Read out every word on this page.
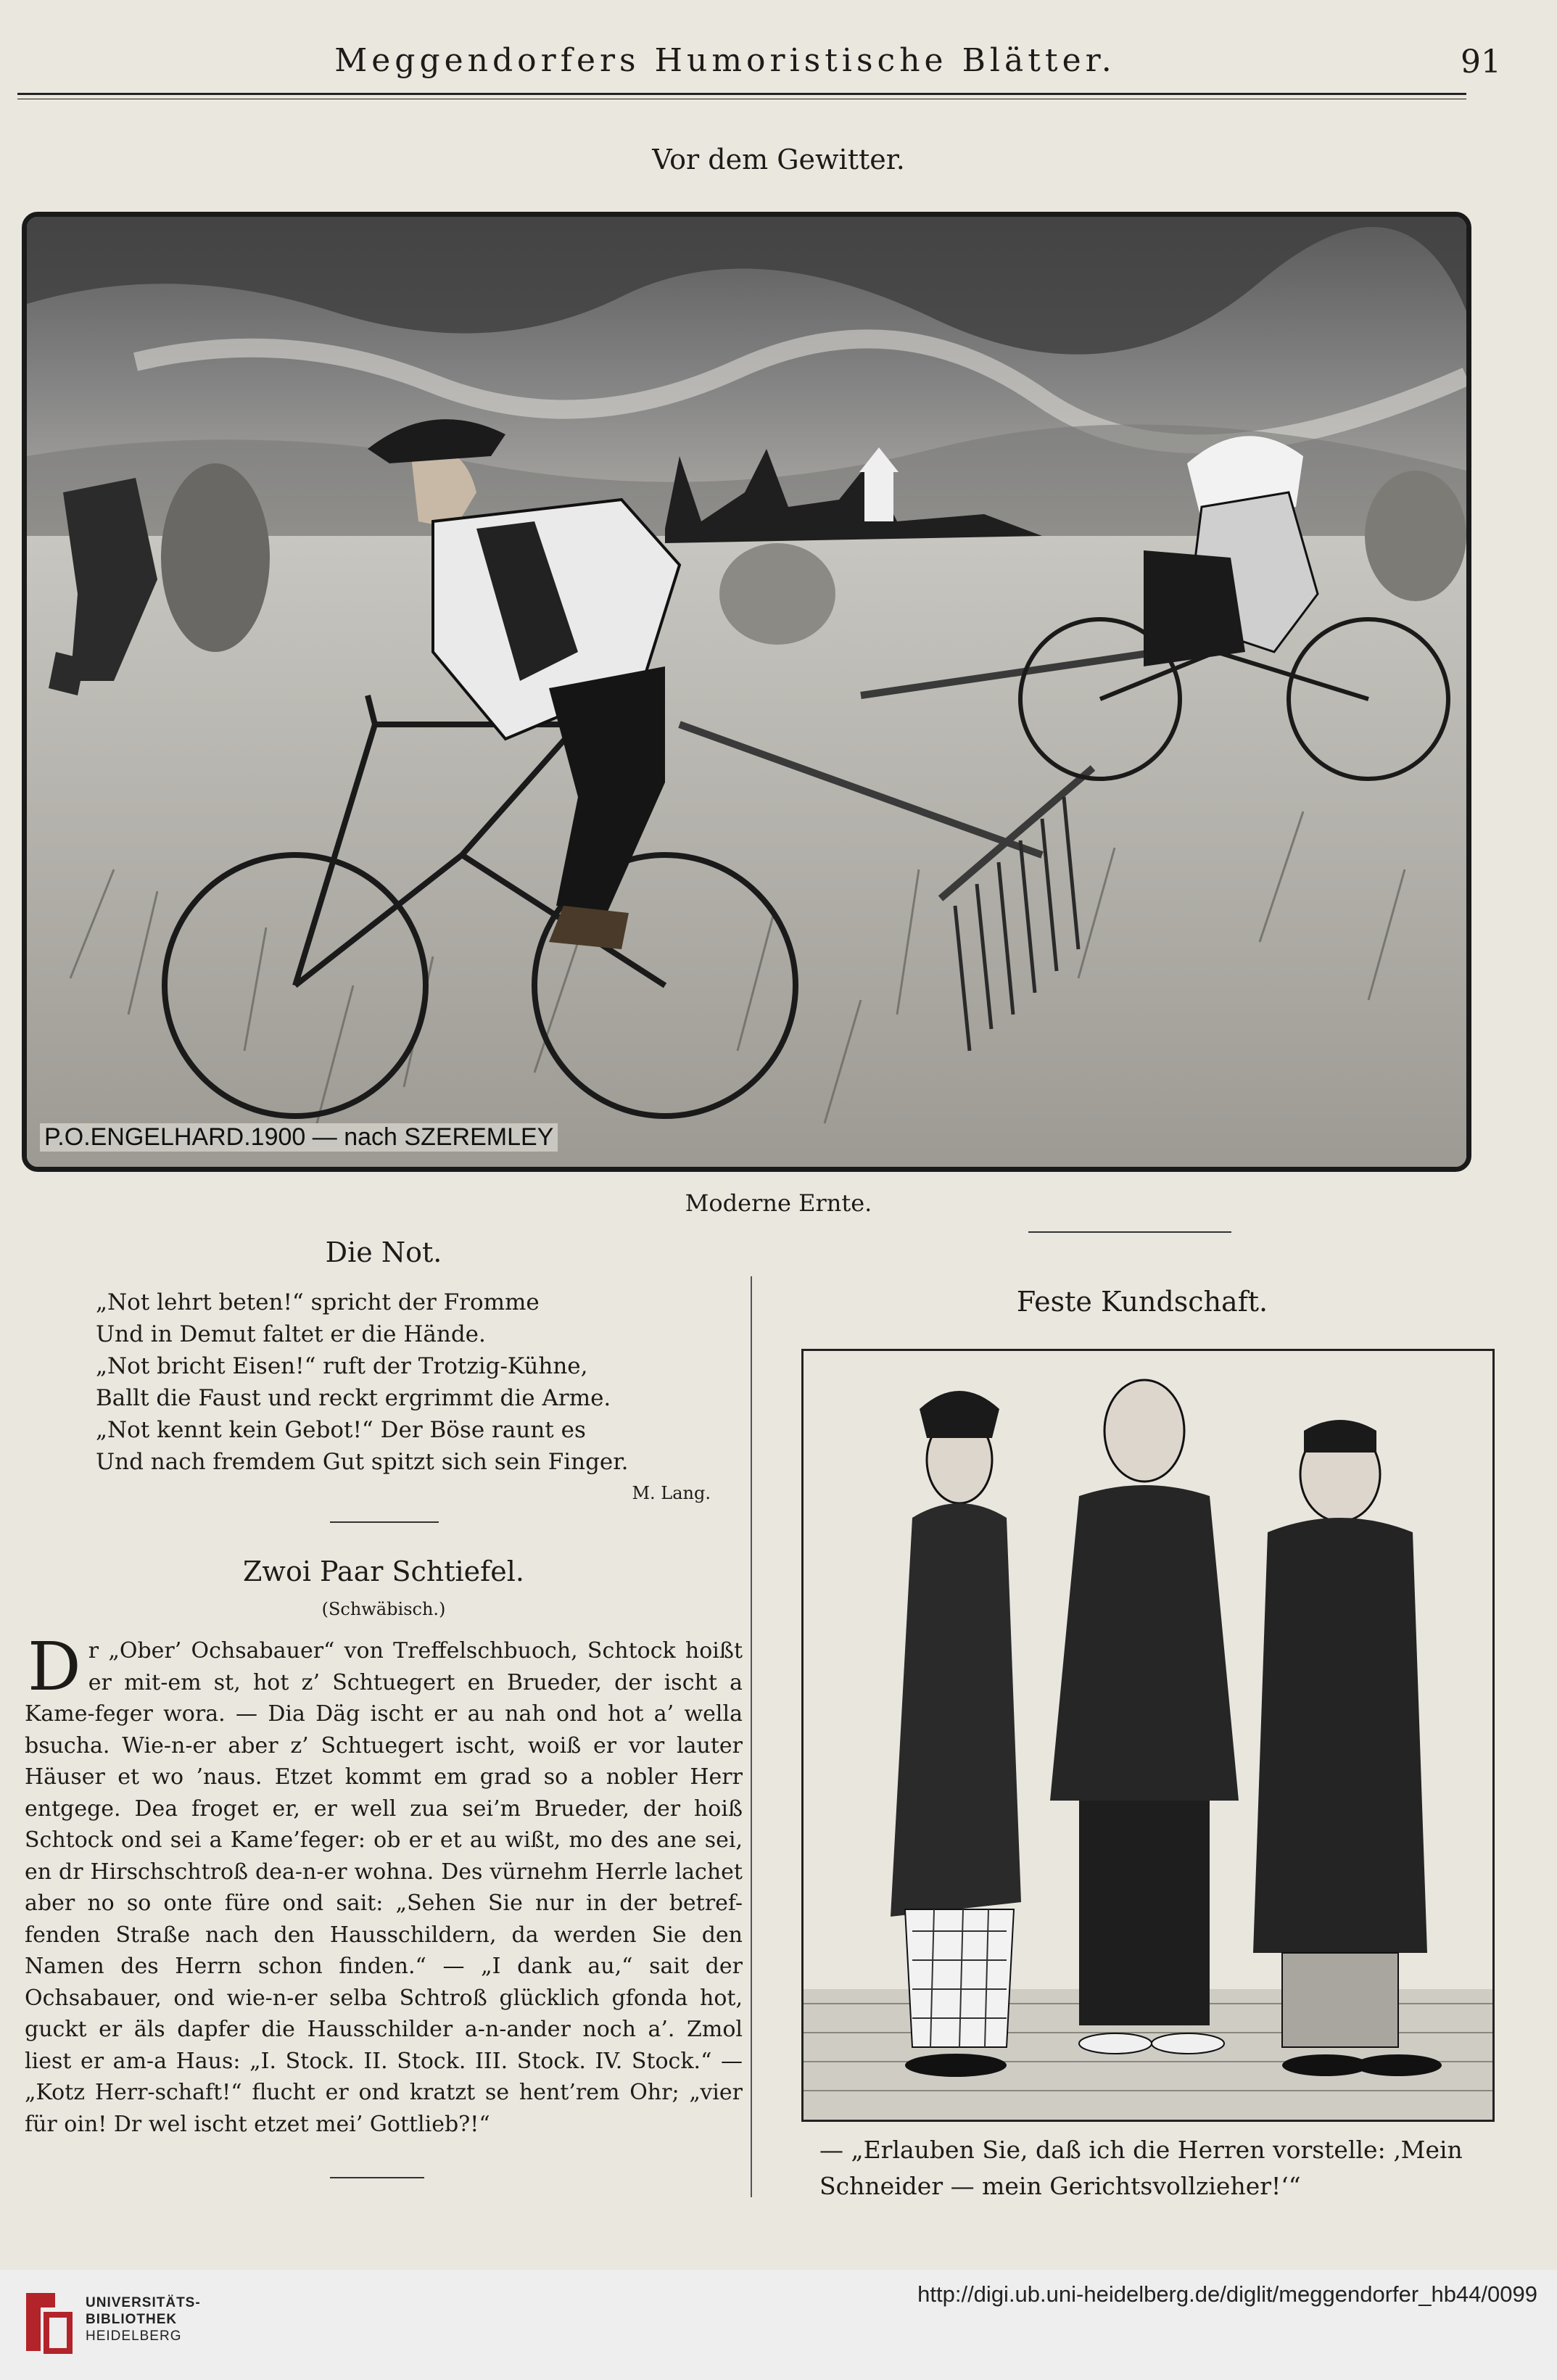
Meggendorfers Humoristische Blätter.	91
Vor dem Gewitter.
P.O.ENGELHARD.1900 — nach SZEREMLEY
Moderne Ernte.
Die Not.
„Not lehrt beten!“ spricht der Fromme
Und in Demut faltet er die Hände.
„Not bricht Eisen!“ ruft der Trotzig-Kühne,
Ballt die Faust und reckt ergrimmt die Arme.
„Not kennt kein Gebot!“ Der Böse raunt es
Und nach fremdem Gut spitzt sich sein Finger.
M. Lang.
Zwoi Paar Schtiefel.
(Schwäbisch.)
D r „Ober’ Ochsabauer“ von Treffelschbuoch, Schtock hoißt er mit-em st, hot z’ Schtuegert en Brueder, der ischt a Kame-feger wora. — Dia Däg ischt er au nah ond hot a’ wella bsucha. Wie-n-er aber z’ Schtuegert ischt, woiß er vor lauter Häuser et wo ’naus. Etzet kommt em grad so a nobler Herr entgege. Dea froget er, er well zua sei’m Brueder, der hoiß Schtock ond sei a Kame’feger: ob er et au wißt, mo des ane sei, en dr Hirschschtroß dea-n-er wohna. Des vürnehm Herrle lachet aber no so onte füre ond sait: „Sehen Sie nur in der betref-fenden Straße nach den Hausschildern, da werden Sie den Namen des Herrn schon finden.“ — „I dank au,“ sait der Ochsabauer, ond wie-n-er selba Schtroß glücklich gfonda hot, guckt er äls dapfer die Hausschilder a-n-ander noch a’. Zmol liest er am-a Haus: „I. Stock. II. Stock. III. Stock. IV. Stock.“ — „Kotz Herr-schaft!“ flucht er ond kratzt se hent’rem Ohr; „vier für oin! Dr wel ischt etzet mei’ Gottlieb?!“

Feste Kundschaft.
— „Erlauben Sie, daß ich die Herren vorstelle: ‚Mein Schneider — mein Gerichtsvollzieher!‘“
UNIVERSITÄTS-
BIBLIOTHEK
HEIDELBERG
http://digi.ub.uni-heidelberg.de/diglit/meggendorfer_hb44/0099
